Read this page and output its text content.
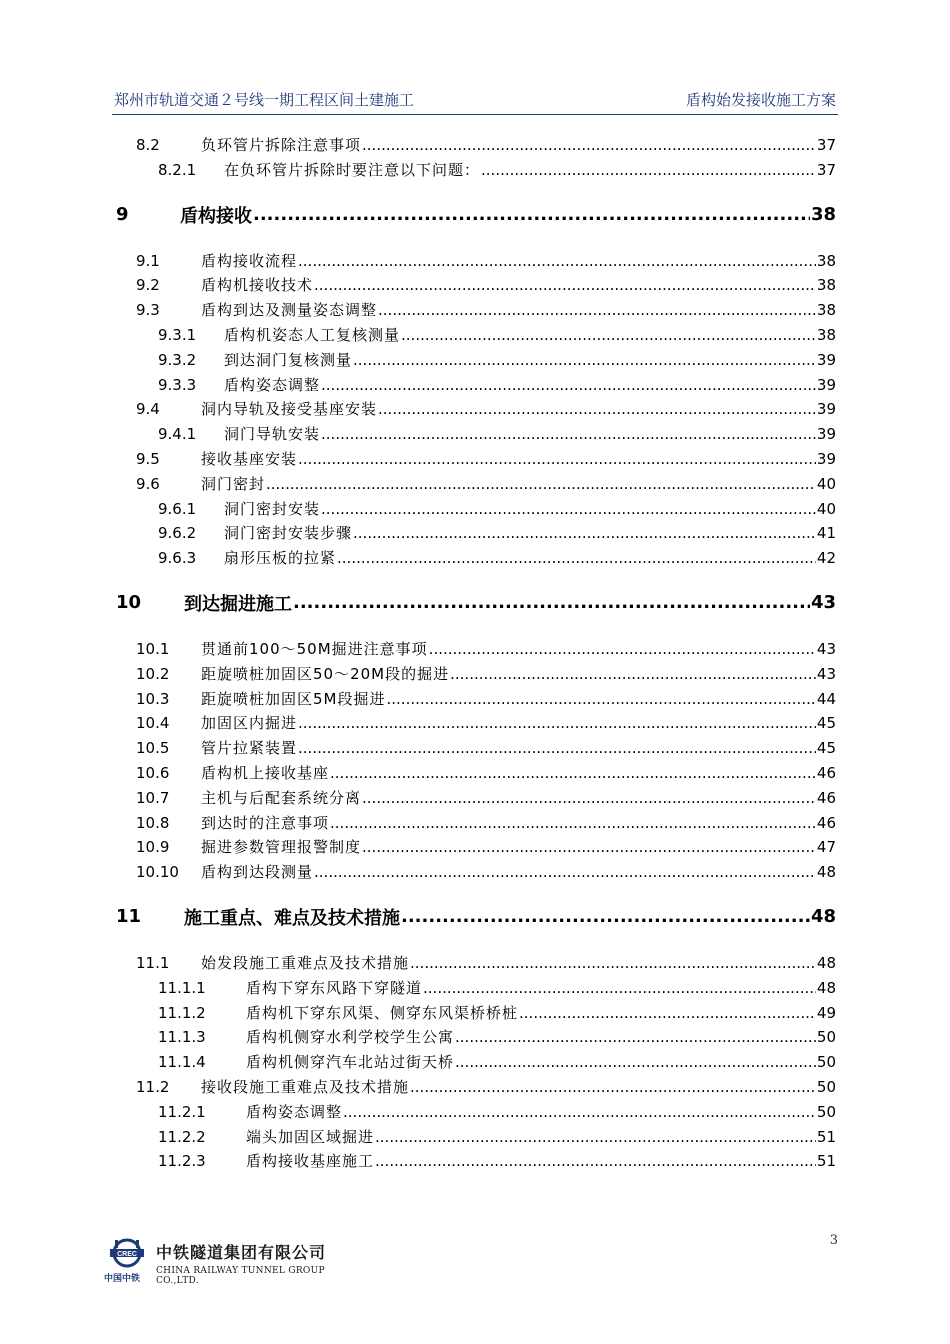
郑州市轨道交通２号线一期工程区间土建施工	盾构始发接收施工方案
8.2	负环管片拆除注意事项 .....	37
8.2.1	在负环管片拆除时要注意以下问题： .....	37
9	盾构接收 .....	38
9.1	盾构接收流程 .....	38
9.2	盾构机接收技术 .....	38
9.3	盾构到达及测量姿态调整 .....	38
9.3.1	盾构机姿态人工复核测量 .....	38
9.3.2	到达洞门复核测量 .....	39
9.3.3	盾构姿态调整 .....	39
9.4	洞内导轨及接受基座安装 .....	39
9.4.1	洞门导轨安装 .....	39
9.5	接收基座安装 .....	39
9.6	洞门密封 .....	40
9.6.1	洞门密封安装 .....	40
9.6.2	洞门密封安装步骤 .....	41
9.6.3	扇形压板的拉紧 .....	42
10	到达掘进施工 .....	43
10.1	贯通前100～50M掘进注意事项 .....	43
10.2	距旋喷桩加固区50～20M段的掘进 .....	43
10.3	距旋喷桩加固区5M段掘进 .....	44
10.4	加固区内掘进 .....	45
10.5	管片拉紧装置 .....	45
10.6	盾构机上接收基座 .....	46
10.7	主机与后配套系统分离 .....	46
10.8	到达时的注意事项 .....	46
10.9	掘进参数管理报警制度 .....	47
10.10	盾构到达段测量 .....	48
11	施工重点、难点及技术措施 .....	48
11.1	始发段施工重难点及技术措施 .....	48
11.1.1	盾构下穿东风路下穿隧道 .....	48
11.1.2	盾构机下穿东风渠、侧穿东风渠桥桥桩 .....	49
11.1.3	盾构机侧穿水利学校学生公寓 .....	50
11.1.4	盾构机侧穿汽车北站过街天桥 .....	50
11.2	接收段施工重难点及技术措施 .....	50
11.2.1	盾构姿态调整 .....	50
11.2.2	端头加固区域掘进 .....	51
11.2.3	盾构接收基座施工 .....	51
3
CREC
中国中铁
中铁隧道集团有限公司
CHINA RAILWAY TUNNEL GROUP CO.,LTD.
